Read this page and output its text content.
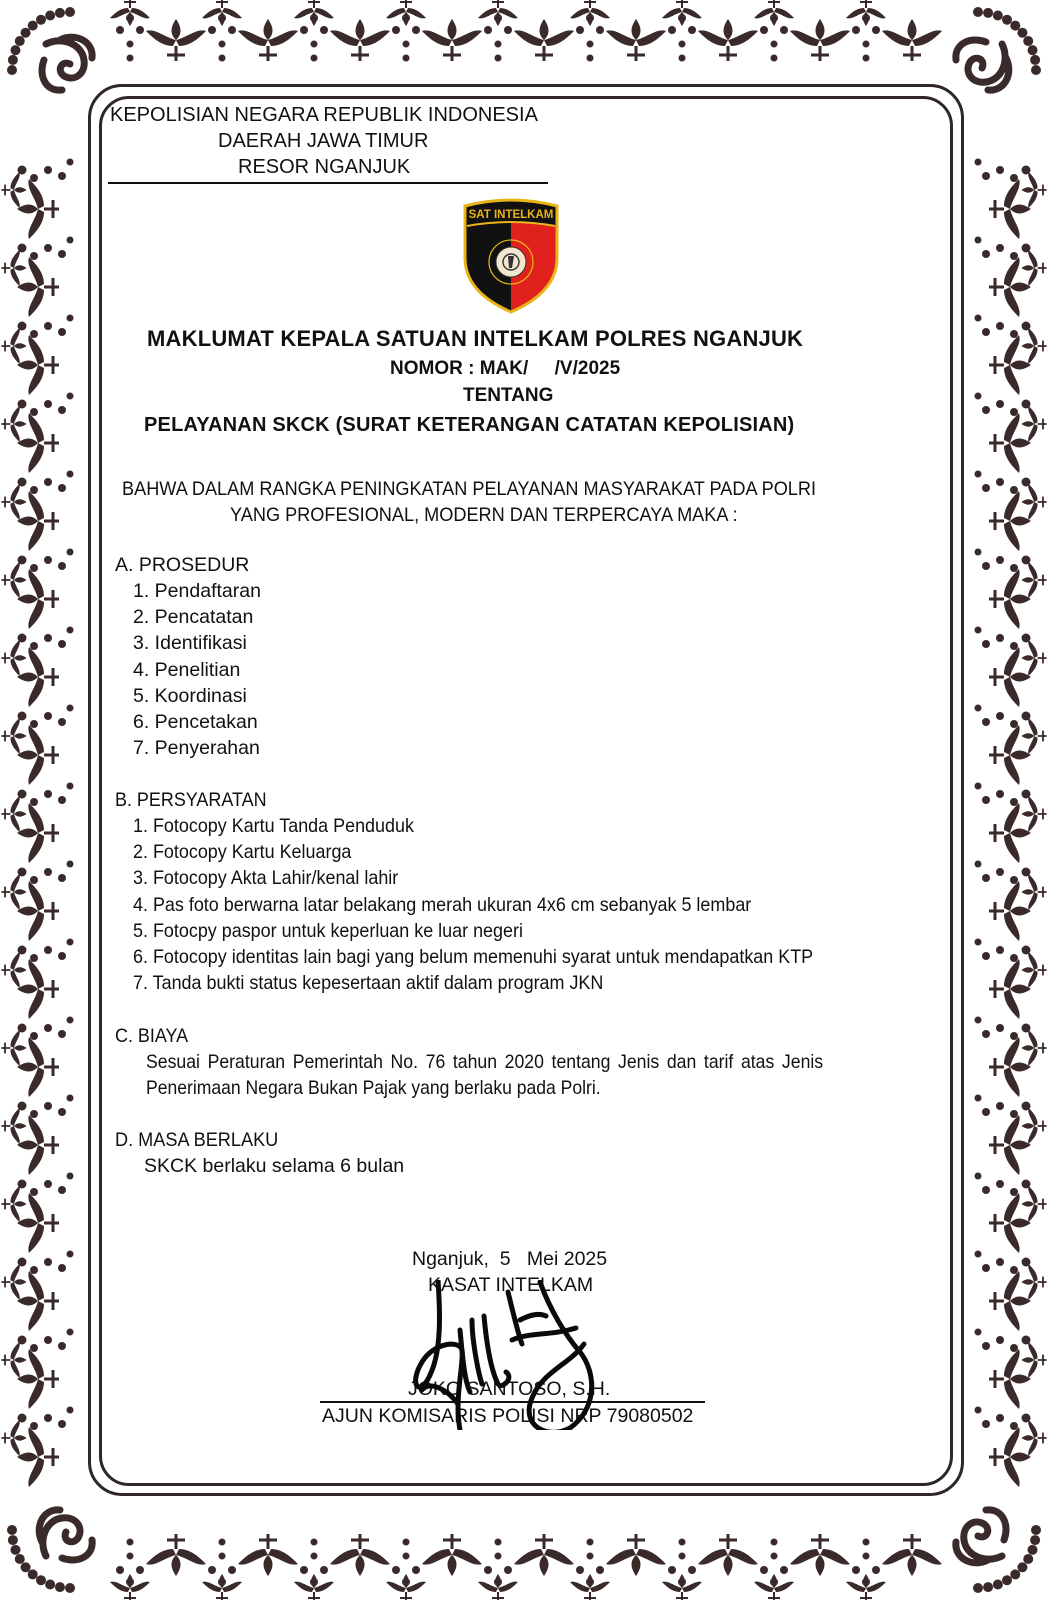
KEPOLISIAN NEGARA REPUBLIK INDONESIA
DAERAH JAWA TIMUR
RESOR NGANJUK
SAT INTELKAM
MAKLUMAT KEPALA SATUAN INTELKAM POLRES NGANJUK
NOMOR : MAK/     /V/2025
TENTANG
PELAYANAN SKCK (SURAT KETERANGAN CATATAN KEPOLISIAN)
BAHWA DALAM RANGKA PENINGKATAN PELAYANAN MASYARAKAT PADA POLRI
YANG PROFESIONAL, MODERN DAN TERPERCAYA MAKA :
A. PROSEDUR
1. Pendaftaran
2. Pencatatan
3. Identifikasi
4. Penelitian
5. Koordinasi
6. Pencetakan
7. Penyerahan
B. PERSYARATAN
1. Fotocopy Kartu Tanda Penduduk
2. Fotocopy Kartu Keluarga
3. Fotocopy Akta Lahir/kenal lahir
4. Pas foto berwarna latar belakang merah ukuran 4x6 cm sebanyak 5 lembar
5. Fotocpy paspor untuk keperluan ke luar negeri
6. Fotocopy identitas lain bagi yang belum memenuhi syarat untuk mendapatkan KTP
7. Tanda bukti status kepesertaan aktif dalam program JKN
C. BIAYA
Sesuai Peraturan Pemerintah No. 76 tahun 2020 tentang Jenis dan tarif atas Jenis
Penerimaan Negara Bukan Pajak yang berlaku pada Polri.
D. MASA BERLAKU
SKCK berlaku selama 6 bulan
Nganjuk,  5   Mei 2025
KASAT INTELKAM
JOKO SANTOSO, S.H.
AJUN KOMISARIS POLISI NRP 79080502
